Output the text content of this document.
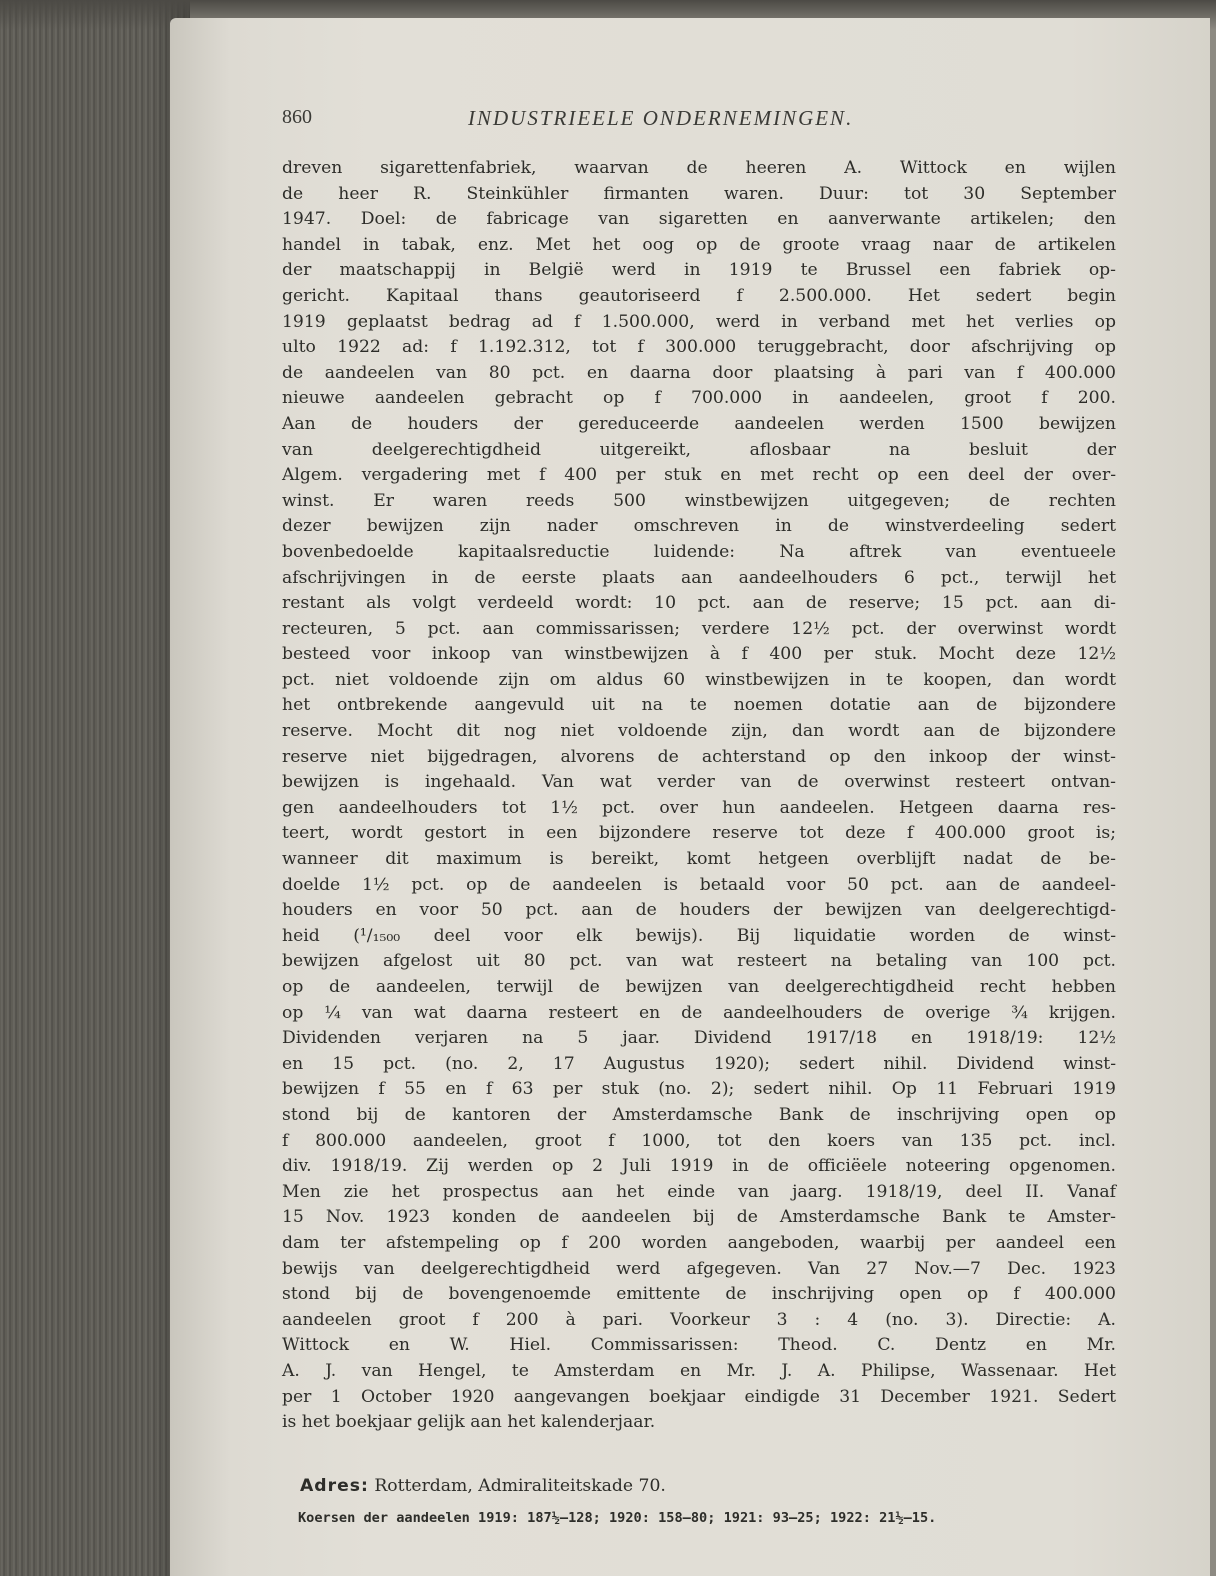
860	INDUSTRIEELE ONDERNEMINGEN.
dreven sigarettenfabriek, waarvan de heeren A. Wittock en wijlen
de heer R. Steinkühler firmanten waren. Duur: tot 30 September
1947. Doel: de fabricage van sigaretten en aanverwante artikelen; den
handel in tabak, enz. Met het oog op de groote vraag naar de artikelen
der maatschappij in België werd in 1919 te Brussel een fabriek op-
gericht. Kapitaal thans geautoriseerd f 2.500.000. Het sedert begin
1919 geplaatst bedrag ad f 1.500.000, werd in verband met het verlies op
ulto 1922 ad: f 1.192.312, tot f 300.000 teruggebracht, door afschrijving op
de aandeelen van 80 pct. en daarna door plaatsing à pari van f 400.000
nieuwe aandeelen gebracht op f 700.000 in aandeelen, groot f 200.
Aan de houders der gereduceerde aandeelen werden 1500 bewijzen
van deelgerechtigdheid uitgereikt, aflosbaar na besluit der
Algem. vergadering met f 400 per stuk en met recht op een deel der over-
winst. Er waren reeds 500 winstbewijzen uitgegeven; de rechten
dezer bewijzen zijn nader omschreven in de winstverdeeling sedert
bovenbedoelde kapitaalsreductie luidende: Na aftrek van eventueele
afschrijvingen in de eerste plaats aan aandeelhouders 6 pct., terwijl het
restant als volgt verdeeld wordt: 10 pct. aan de reserve; 15 pct. aan di-
recteuren, 5 pct. aan commissarissen; verdere 12½ pct. der overwinst wordt
besteed voor inkoop van winstbewijzen à f 400 per stuk. Mocht deze 12½
pct. niet voldoende zijn om aldus 60 winstbewijzen in te koopen, dan wordt
het ontbrekende aangevuld uit na te noemen dotatie aan de bijzondere
reserve. Mocht dit nog niet voldoende zijn, dan wordt aan de bijzondere
reserve niet bijgedragen, alvorens de achterstand op den inkoop der winst-
bewijzen is ingehaald. Van wat verder van de overwinst resteert ontvan-
gen aandeelhouders tot 1½ pct. over hun aandeelen. Hetgeen daarna res-
teert, wordt gestort in een bijzondere reserve tot deze f 400.000 groot is;
wanneer dit maximum is bereikt, komt hetgeen overblijft nadat de be-
doelde 1½ pct. op de aandeelen is betaald voor 50 pct. aan de aandeel-
houders en voor 50 pct. aan de houders der bewijzen van deelgerechtigd-
heid (¹/₁₅₀₀ deel voor elk bewijs). Bij liquidatie worden de winst-
bewijzen afgelost uit 80 pct. van wat resteert na betaling van 100 pct.
op de aandeelen, terwijl de bewijzen van deelgerechtigdheid recht hebben
op ¼ van wat daarna resteert en de aandeelhouders de overige ¾ krijgen.
Dividenden verjaren na 5 jaar. Dividend 1917/18 en 1918/19: 12½
en 15 pct. (no. 2, 17 Augustus 1920); sedert nihil. Dividend winst-
bewijzen f 55 en f 63 per stuk (no. 2); sedert nihil. Op 11 Februari 1919
stond bij de kantoren der Amsterdamsche Bank de inschrijving open op
f 800.000 aandeelen, groot f 1000, tot den koers van 135 pct. incl.
div. 1918/19. Zij werden op 2 Juli 1919 in de officiëele noteering opgenomen.
Men zie het prospectus aan het einde van jaarg. 1918/19, deel II. Vanaf
15 Nov. 1923 konden de aandeelen bij de Amsterdamsche Bank te Amster-
dam ter afstempeling op f 200 worden aangeboden, waarbij per aandeel een
bewijs van deelgerechtigdheid werd afgegeven. Van 27 Nov.—7 Dec. 1923
stond bij de bovengenoemde emittente de inschrijving open op f 400.000
aandeelen groot f 200 à pari. Voorkeur 3 : 4 (no. 3). Directie: A.
Wittock en W. Hiel. Commissarissen: Theod. C. Dentz en Mr.
A. J. van Hengel, te Amsterdam en Mr. J. A. Philipse, Wassenaar. Het
per 1 October 1920 aangevangen boekjaar eindigde 31 December 1921. Sedert
is het boekjaar gelijk aan het kalenderjaar.
Adres: Rotterdam, Admiraliteitskade 70.
Koersen der aandeelen 1919: 187½—128; 1920: 158—80; 1921: 93—25; 1922: 21½—15.
